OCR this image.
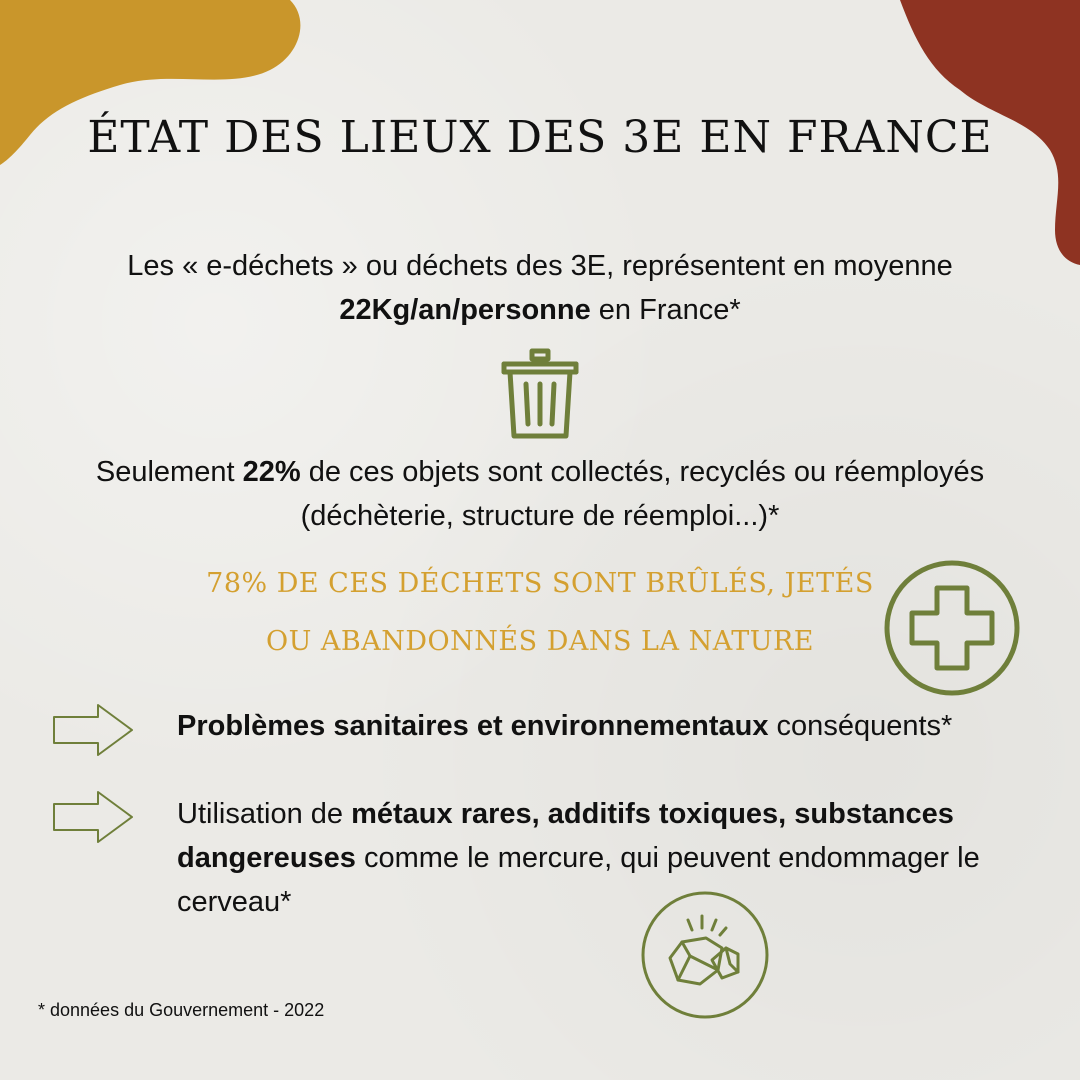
ÉTAT DES LIEUX DES 3E EN FRANCE
Les « e-déchets » ou déchets des 3E, représentent en moyenne 22Kg/an/personne en France*
Seulement 22% de ces objets sont collectés, recyclés ou réemployés (déchèterie, structure de réemploi...)*
78% DE CES DÉCHETS SONT BRÛLÉS, JETÉS
OU ABANDONNÉS DANS LA NATURE
Problèmes sanitaires et environnementaux conséquents*
Utilisation de métaux rares, additifs toxiques, substances dangereuses comme le mercure, qui peuvent endommager le cerveau*
* données du Gouvernement - 2022
